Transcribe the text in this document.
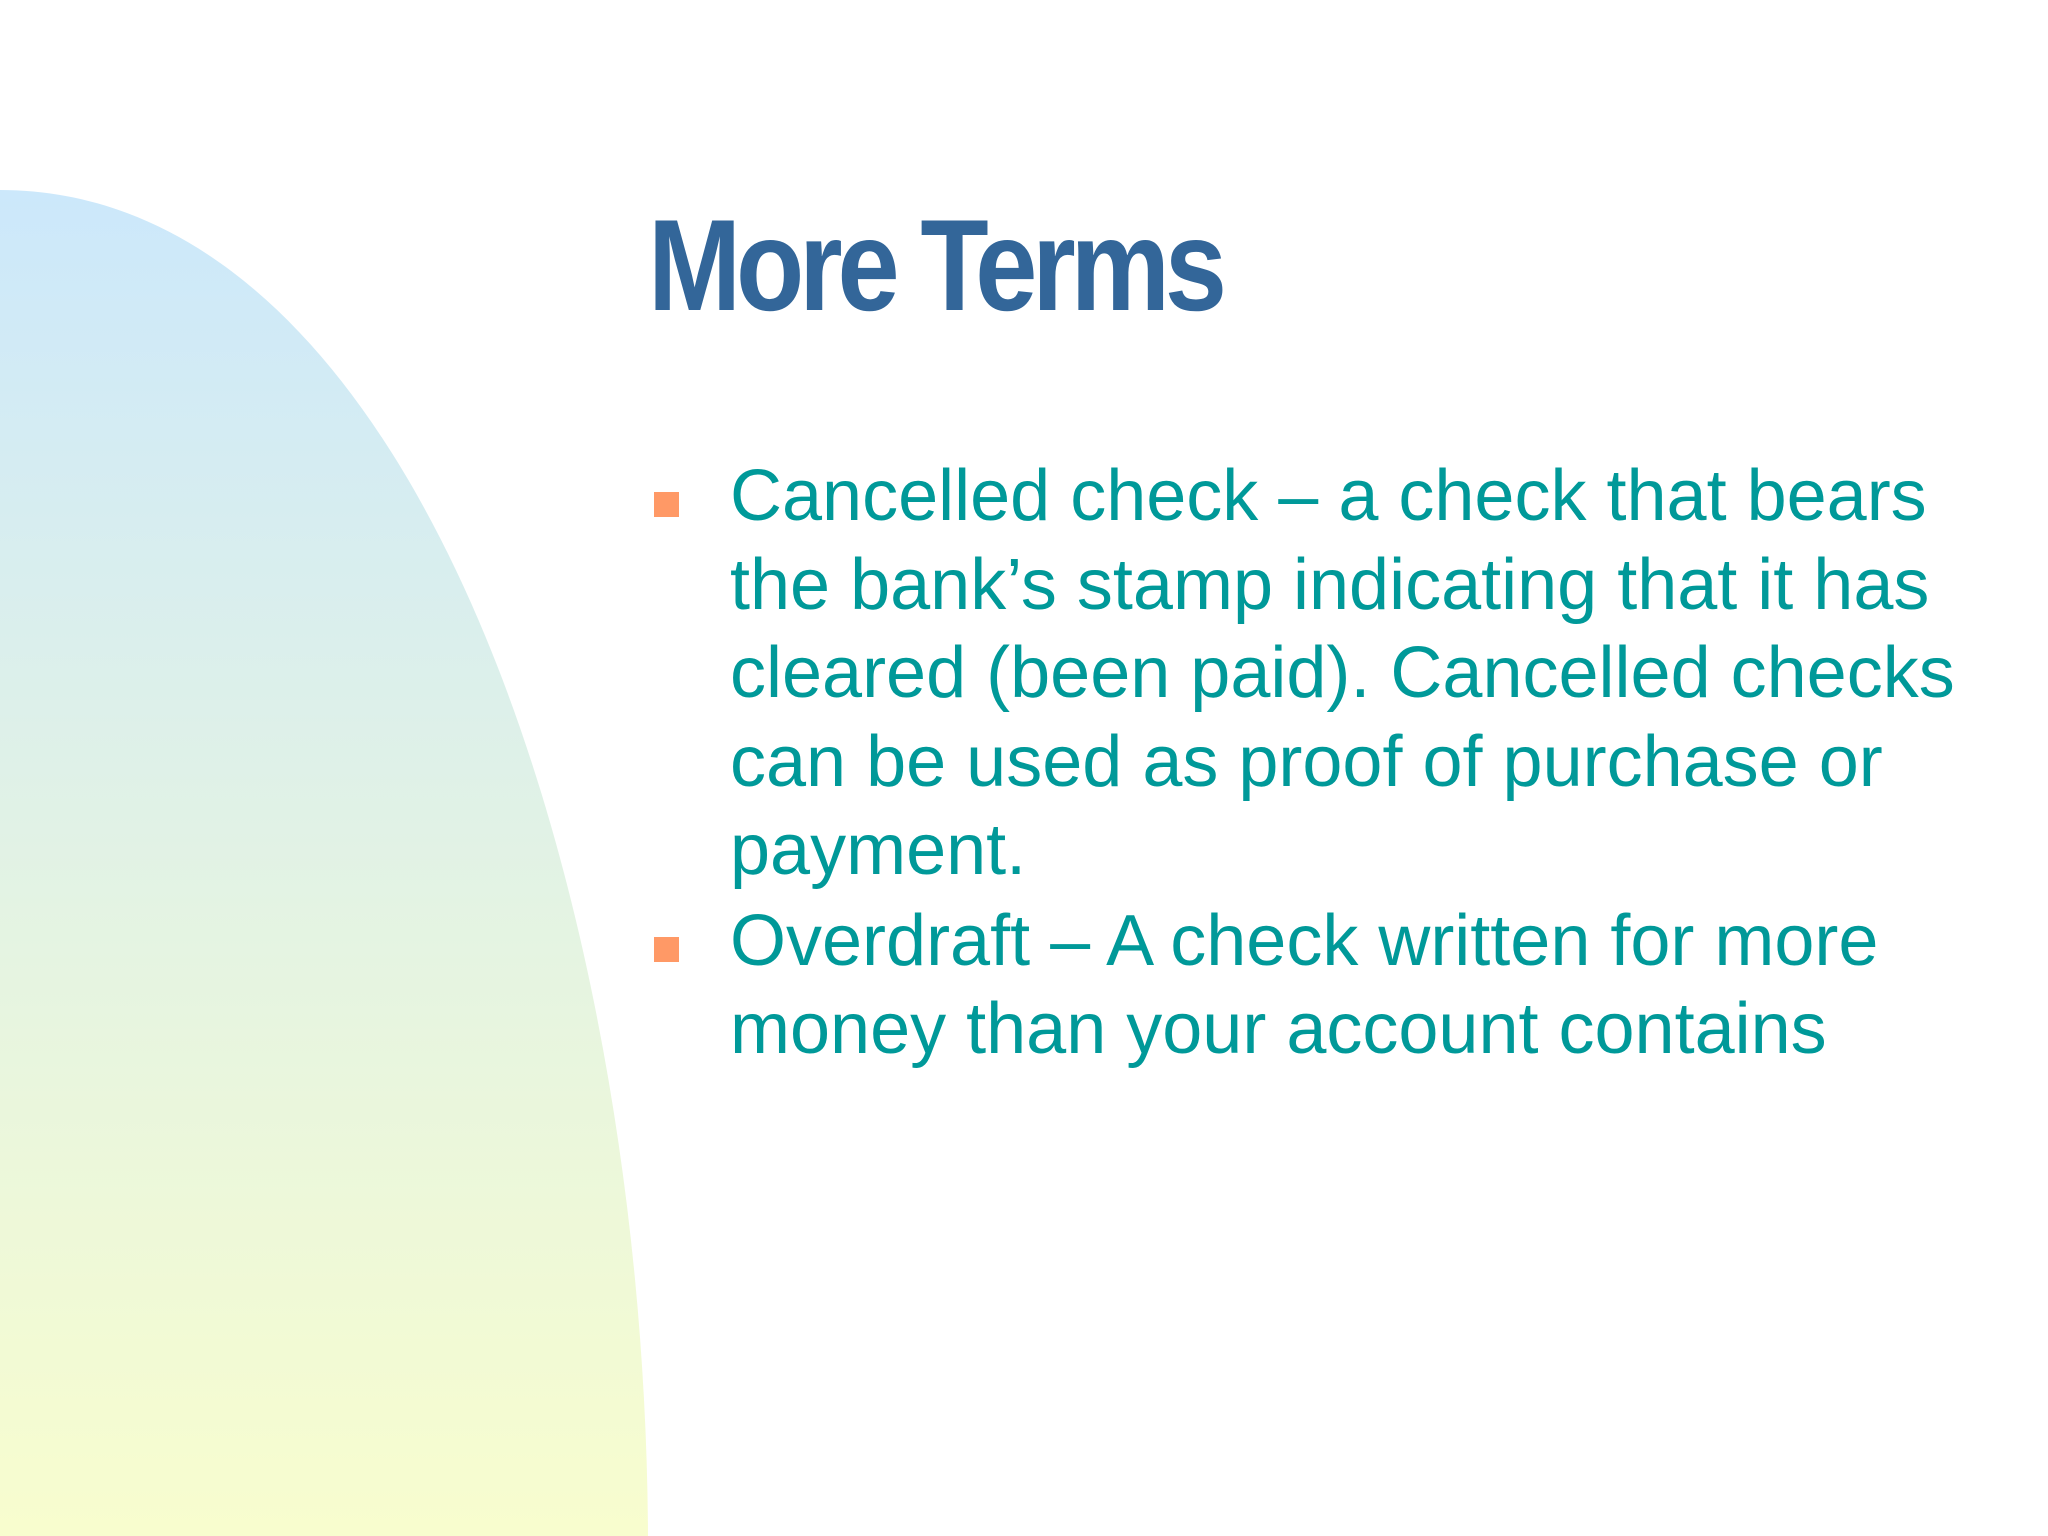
More Terms
Cancelled check – a check that bears the bank’s stamp indicating that it has cleared (been paid). Cancelled checks can be used as proof of purchase or payment.
Overdraft – A check written for more money than your account contains
